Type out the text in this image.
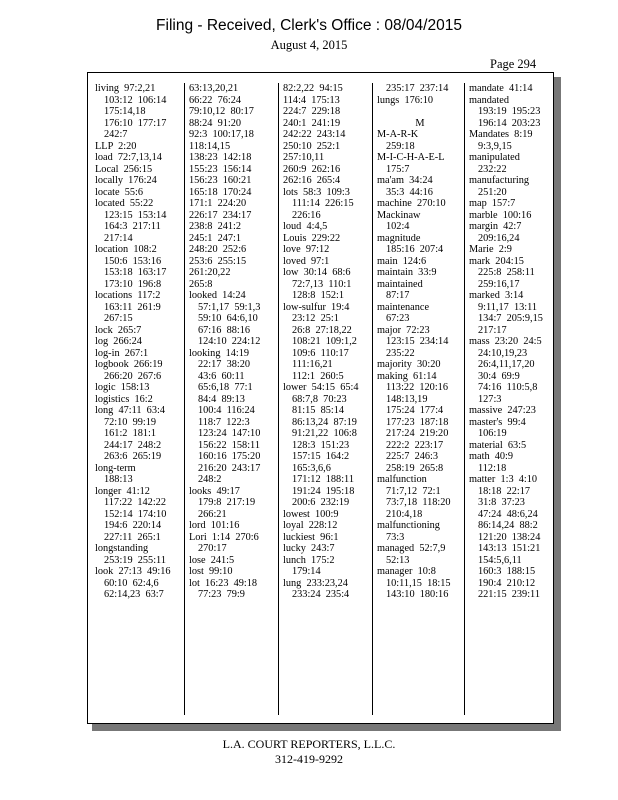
Filing - Received, Clerk's Office : 08/04/2015
August 4, 2015
Page 294
living  97:2,21
103:12  106:14
175:14,18
176:10  177:17
242:7
LLP  2:20
load  72:7,13,14
Local  256:15
locally  176:24
locate  55:6
located  55:22
123:15  153:14
164:3  217:11
217:14
location  108:2
150:6  153:16
153:18  163:17
173:10  196:8
locations  117:2
163:11  261:9
267:15
lock  265:7
log  266:24
log-in  267:1
logbook  266:19
266:20  267:6
logic  158:13
logistics  16:2
long  47:11  63:4
72:10  99:19
161:2  181:1
244:17  248:2
263:6  265:19
long-term
188:13
longer  41:12
117:22  142:22
152:14  174:10
194:6  220:14
227:11  265:1
longstanding
253:19  255:11
look  27:13  49:16
60:10  62:4,6
62:14,23  63:7
63:13,20,21
66:22  76:24
79:10,12  80:17
88:24  91:20
92:3  100:17,18
118:14,15
138:23  142:18
155:23  156:14
156:23  160:21
165:18  170:24
171:1  224:20
226:17  234:17
238:8  241:2
245:1  247:1
248:20  252:6
253:6  255:15
261:20,22
265:8
looked  14:24
57:1,17  59:1,3
59:10  64:6,10
67:16  88:16
124:10  224:12
looking  14:19
22:17  38:20
43:6  60:11
65:6,18  77:1
84:4  89:13
100:4  116:24
118:7  122:3
123:24  147:10
156:22  158:11
160:16  175:20
216:20  243:17
248:2
looks  49:17
179:8  217:19
266:21
lord  101:16
Lori  1:14  270:6
270:17
lose  241:5
lost  99:10
lot  16:23  49:18
77:23  79:9
82:2,22  94:15
114:4  175:13
224:7  229:18
240:1  241:19
242:22  243:14
250:10  252:1
257:10,11
260:9  262:16
262:16  265:4
lots  58:3  109:3
111:14  226:15
226:16
loud  4:4,5
Louis  229:22
love  97:12
loved  97:1
low  30:14  68:6
72:7,13  110:1
128:8  152:1
low-sulfur  19:4
23:12  25:1
26:8  27:18,22
108:21  109:1,2
109:6  110:17
111:16,21
112:1  260:5
lower  54:15  65:4
68:7,8  70:23
81:15  85:14
86:13,24  87:19
91:21,22  106:8
128:3  151:23
157:15  164:2
165:3,6,6
171:12  188:11
191:24  195:18
200:6  232:19
lowest  100:9
loyal  228:12
luckiest  96:1
lucky  243:7
lunch  175:2
179:14
lung  233:23,24
233:24  235:4
235:17  237:14
lungs  176:10
M
M-A-R-K
259:18
M-I-C-H-A-E-L
175:7
ma'am  34:24
35:3  44:16
machine  270:10
Mackinaw
102:4
magnitude
185:16  207:4
main  124:6
maintain  33:9
maintained
87:17
maintenance
67:23
major  72:23
123:15  234:14
235:22
majority  30:20
making  61:14
113:22  120:16
148:13,19
175:24  177:4
177:23  187:18
217:24  219:20
222:2  223:17
225:7  246:3
258:19  265:8
malfunction
71:7,12  72:1
73:7,18  118:20
210:4,18
malfunctioning
73:3
managed  52:7,9
52:13
manager  10:8
10:11,15  18:15
143:10  180:16
mandate  41:14
mandated
193:19  195:23
196:14  203:23
Mandates  8:19
9:3,9,15
manipulated
232:22
manufacturing
251:20
map  157:7
marble  100:16
margin  42:7
209:16,24
Marie  2:9
mark  204:15
225:8  258:11
259:16,17
marked  3:14
9:11,17  13:11
134:7  205:9,15
217:17
mass  23:20  24:5
24:10,19,23
26:4,11,17,20
30:4  69:9
74:16  110:5,8
127:3
massive  247:23
master's  99:4
106:19
material  63:5
math  40:9
112:18
matter  1:3  4:10
18:18  22:17
31:8  37:23
47:24  48:6,24
86:14,24  88:2
121:20  138:24
143:13  151:21
154:5,6,11
160:3  188:15
190:4  210:12
221:15  239:11
L.A. COURT REPORTERS, L.L.C.
312-419-9292
